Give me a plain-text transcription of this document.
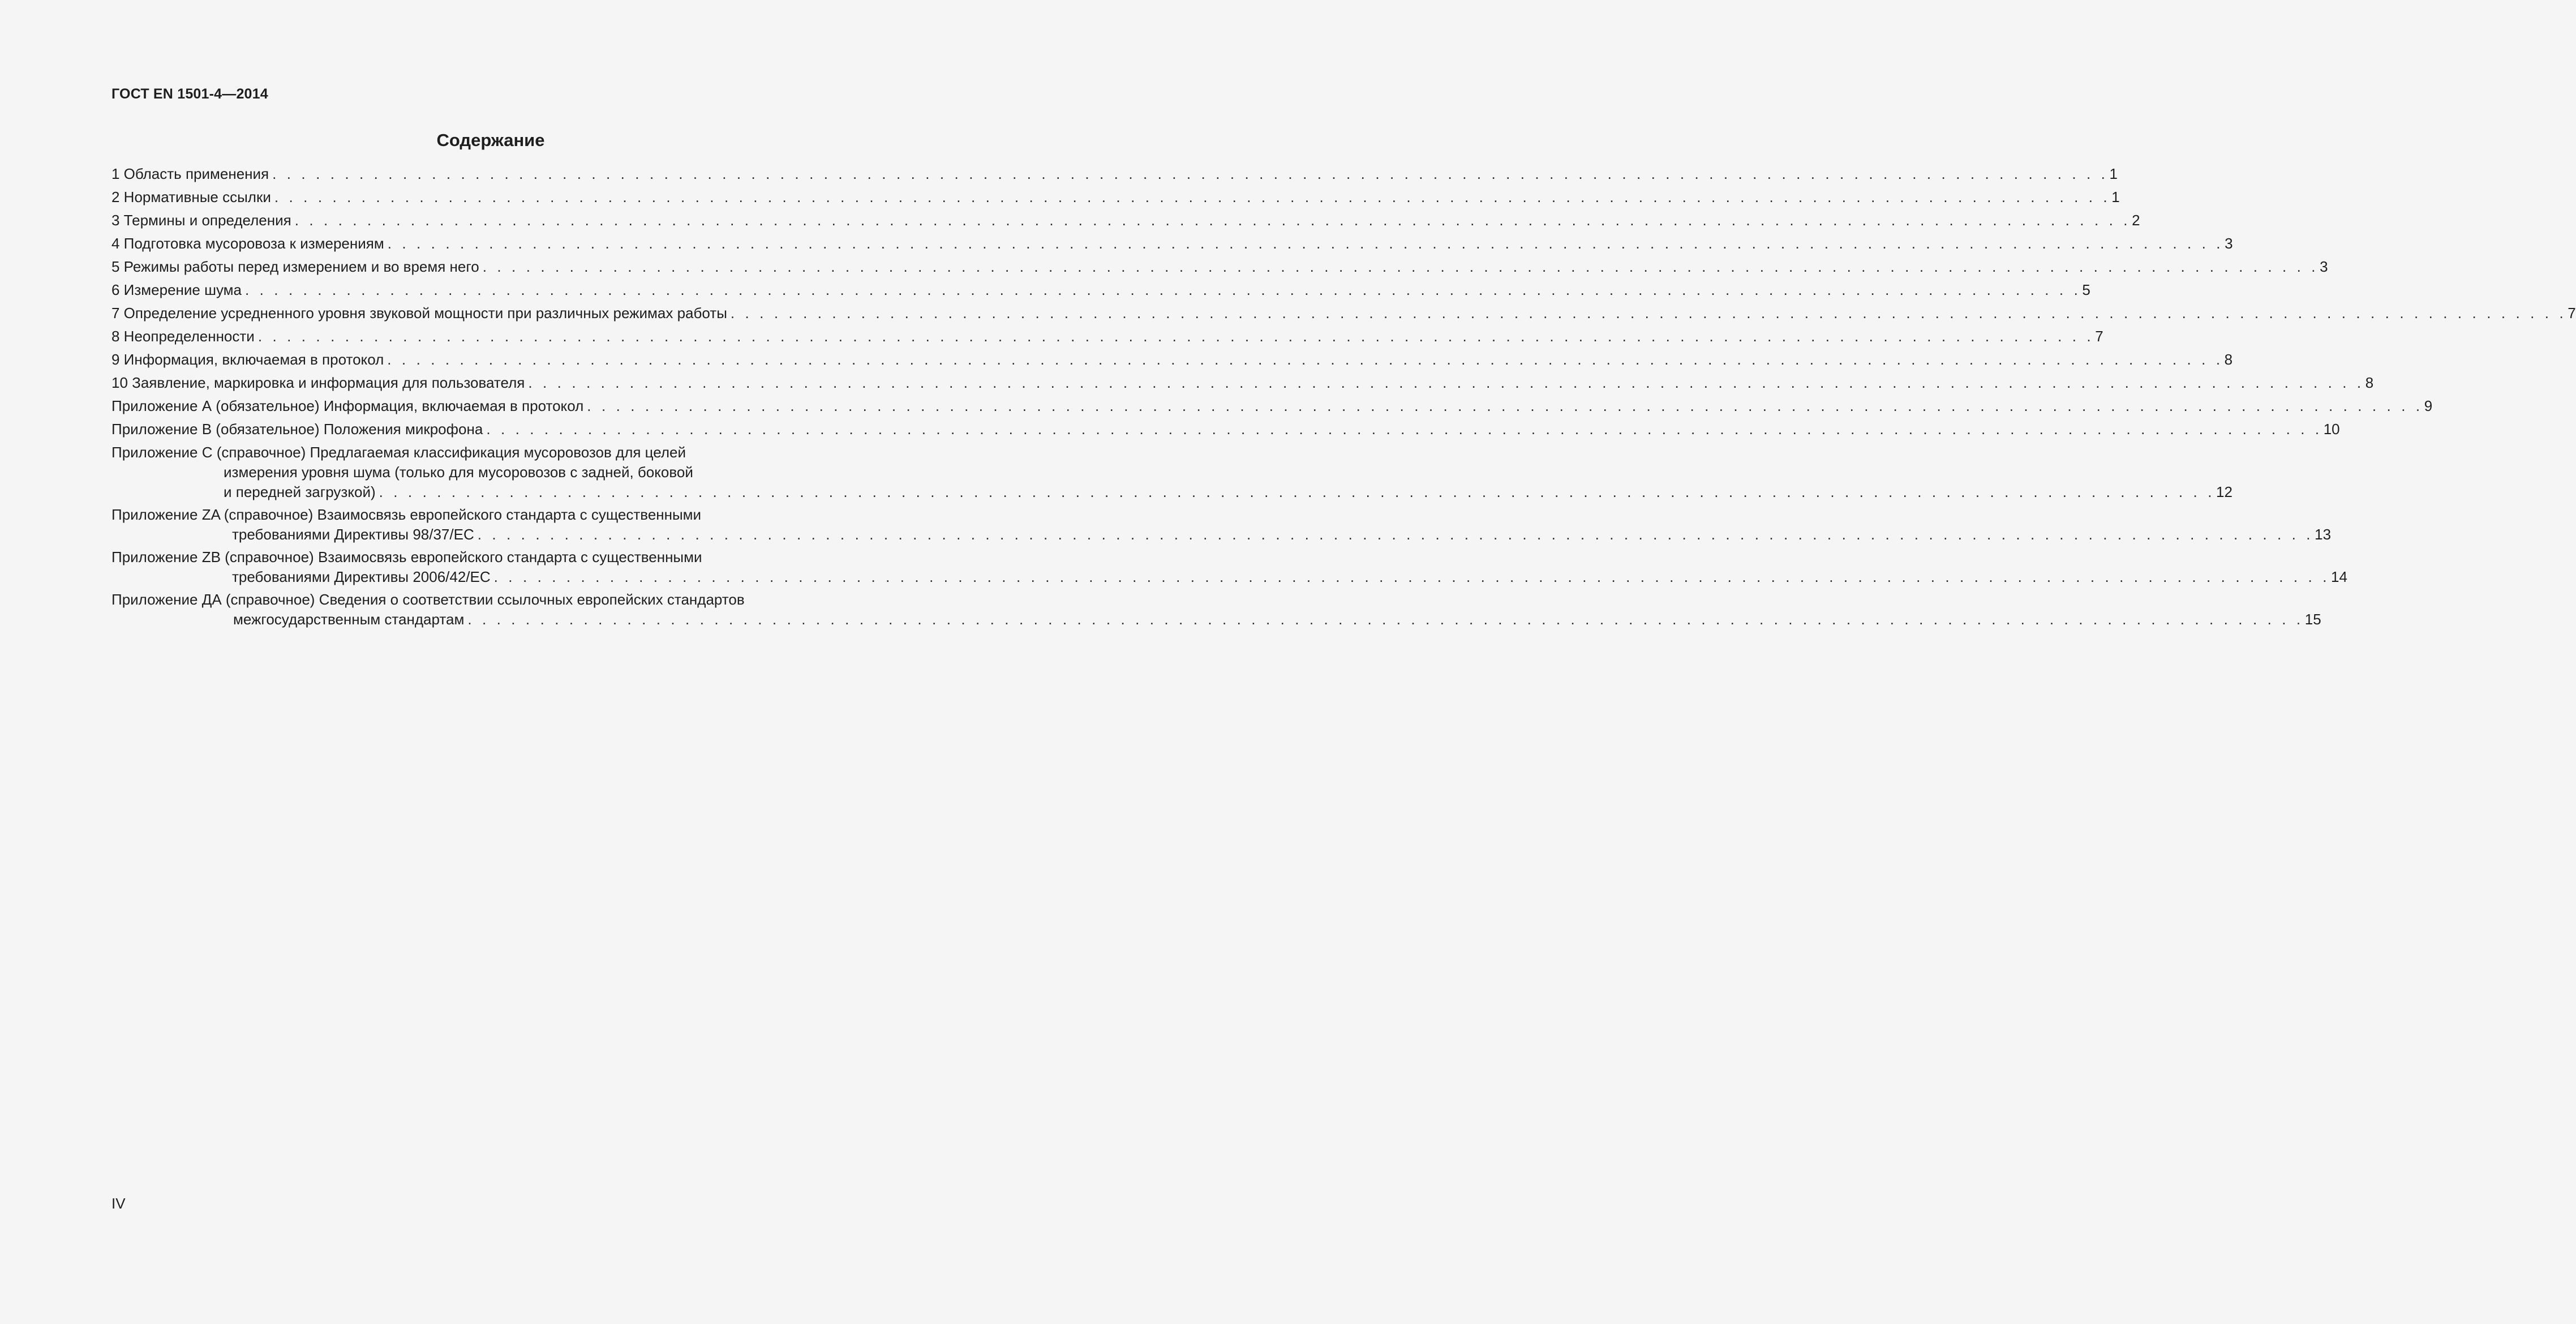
ГОСТ EN 1501-4—2014
Содержание
1 Область применения . . . . . . . . . . . . . . . . . . . . . . . . . . . . . . . . . . . . . . . . . . . . . . . . . . . . . . . . . . . . . . . . . . . . . . . . . . . . . . . . . . . . . . . . . . . . . . . . . . . . . . . . . . . . . . . . . . . . . . . . . . . . . . . 1
2 Нормативные ссылки . . . . . . . . . . . . . . . . . . . . . . . . . . . . . . . . . . . . . . . . . . . . . . . . . . . . . . . . . . . . . . . . . . . . . . . . . . . . . . . . . . . . . . . . . . . . . . . . . . . . . . . . . . . . . . . . . . . . . . . . . . . . . . . 1
3 Термины и определения . . . . . . . . . . . . . . . . . . . . . . . . . . . . . . . . . . . . . . . . . . . . . . . . . . . . . . . . . . . . . . . . . . . . . . . . . . . . . . . . . . . . . . . . . . . . . . . . . . . . . . . . . . . . . . . . . . . . . . . . . . . . . . . 2
4 Подготовка мусоровоза к измерениям . . . . . . . . . . . . . . . . . . . . . . . . . . . . . . . . . . . . . . . . . . . . . . . . . . . . . . . . . . . . . . . . . . . . . . . . . . . . . . . . . . . . . . . . . . . . . . . . . . . . . . . . . . . . . . . . . . . . . . . . . . . . . . . 3
5 Режимы работы перед измерением и во время него . . . . . . . . . . . . . . . . . . . . . . . . . . . . . . . . . . . . . . . . . . . . . . . . . . . . . . . . . . . . . . . . . . . . . . . . . . . . . . . . . . . . . . . . . . . . . . . . . . . . . . . . . . . . . . . . . . . . . . . . . . . . . . . 3
6 Измерение шума . . . . . . . . . . . . . . . . . . . . . . . . . . . . . . . . . . . . . . . . . . . . . . . . . . . . . . . . . . . . . . . . . . . . . . . . . . . . . . . . . . . . . . . . . . . . . . . . . . . . . . . . . . . . . . . . . . . . . . . . . . . . . . . 5
7 Определение усредненного уровня звуковой мощности при различных режимах работы . . . . . . . . . . . . . . . . . . . . . . . . . . . . . . . . . . . . . . . . . . . . . . . . . . . . . . . . . . . . . . . . . . . . . . . . . . . . . . . . . . . . . . . . . . . . . . . . . . . . . . . . . . . . . . . . . . . . . . . . . . . . . . . 7
8 Неопределенности . . . . . . . . . . . . . . . . . . . . . . . . . . . . . . . . . . . . . . . . . . . . . . . . . . . . . . . . . . . . . . . . . . . . . . . . . . . . . . . . . . . . . . . . . . . . . . . . . . . . . . . . . . . . . . . . . . . . . . . . . . . . . . . 7
9 Информация, включаемая в протокол . . . . . . . . . . . . . . . . . . . . . . . . . . . . . . . . . . . . . . . . . . . . . . . . . . . . . . . . . . . . . . . . . . . . . . . . . . . . . . . . . . . . . . . . . . . . . . . . . . . . . . . . . . . . . . . . . . . . . . . . . . . . . . . 8
10 Заявление, маркировка и информация для пользователя . . . . . . . . . . . . . . . . . . . . . . . . . . . . . . . . . . . . . . . . . . . . . . . . . . . . . . . . . . . . . . . . . . . . . . . . . . . . . . . . . . . . . . . . . . . . . . . . . . . . . . . . . . . . . . . . . . . . . . . . . . . . . . . 8
Приложение А (обязательное) Информация, включаемая в протокол . . . . . . . . . . . . . . . . . . . . . . . . . . . . . . . . . . . . . . . . . . . . . . . . . . . . . . . . . . . . . . . . . . . . . . . . . . . . . . . . . . . . . . . . . . . . . . . . . . . . . . . . . . . . . . . . . . . . . . . . . . . . . . . 9
Приложение В (обязательное) Положения микрофона . . . . . . . . . . . . . . . . . . . . . . . . . . . . . . . . . . . . . . . . . . . . . . . . . . . . . . . . . . . . . . . . . . . . . . . . . . . . . . . . . . . . . . . . . . . . . . . . . . . . . . . . . . . . . . . . . . . . . . . . . . . . . . . 10
Приложение С (справочное) Предлагаемая классификация мусоровозов для целей
измерения уровня шума (только для мусоровозов с задней, боковой
и передней загрузкой) . . . . . . . . . . . . . . . . . . . . . . . . . . . . . . . . . . . . . . . . . . . . . . . . . . . . . . . . . . . . . . . . . . . . . . . . . . . . . . . . . . . . . . . . . . . . . . . . . . . . . . . . . . . . . . . . . . . . . . . . . . . . . . . 12
Приложение ZA (справочное) Взаимосвязь европейского стандарта с существенными
требованиями Директивы 98/37/ЕС . . . . . . . . . . . . . . . . . . . . . . . . . . . . . . . . . . . . . . . . . . . . . . . . . . . . . . . . . . . . . . . . . . . . . . . . . . . . . . . . . . . . . . . . . . . . . . . . . . . . . . . . . . . . . . . . . . . . . . . . . . . . . . . 13
Приложение ZB (справочное) Взаимосвязь европейского стандарта с существенными
требованиями Директивы 2006/42/ЕС . . . . . . . . . . . . . . . . . . . . . . . . . . . . . . . . . . . . . . . . . . . . . . . . . . . . . . . . . . . . . . . . . . . . . . . . . . . . . . . . . . . . . . . . . . . . . . . . . . . . . . . . . . . . . . . . . . . . . . . . . . . . . . . 14
Приложение ДА (справочное) Сведения о соответствии ссылочных европейских стандартов
межгосударственным стандартам . . . . . . . . . . . . . . . . . . . . . . . . . . . . . . . . . . . . . . . . . . . . . . . . . . . . . . . . . . . . . . . . . . . . . . . . . . . . . . . . . . . . . . . . . . . . . . . . . . . . . . . . . . . . . . . . . . . . . . . . . . . . . . . 15
IV
